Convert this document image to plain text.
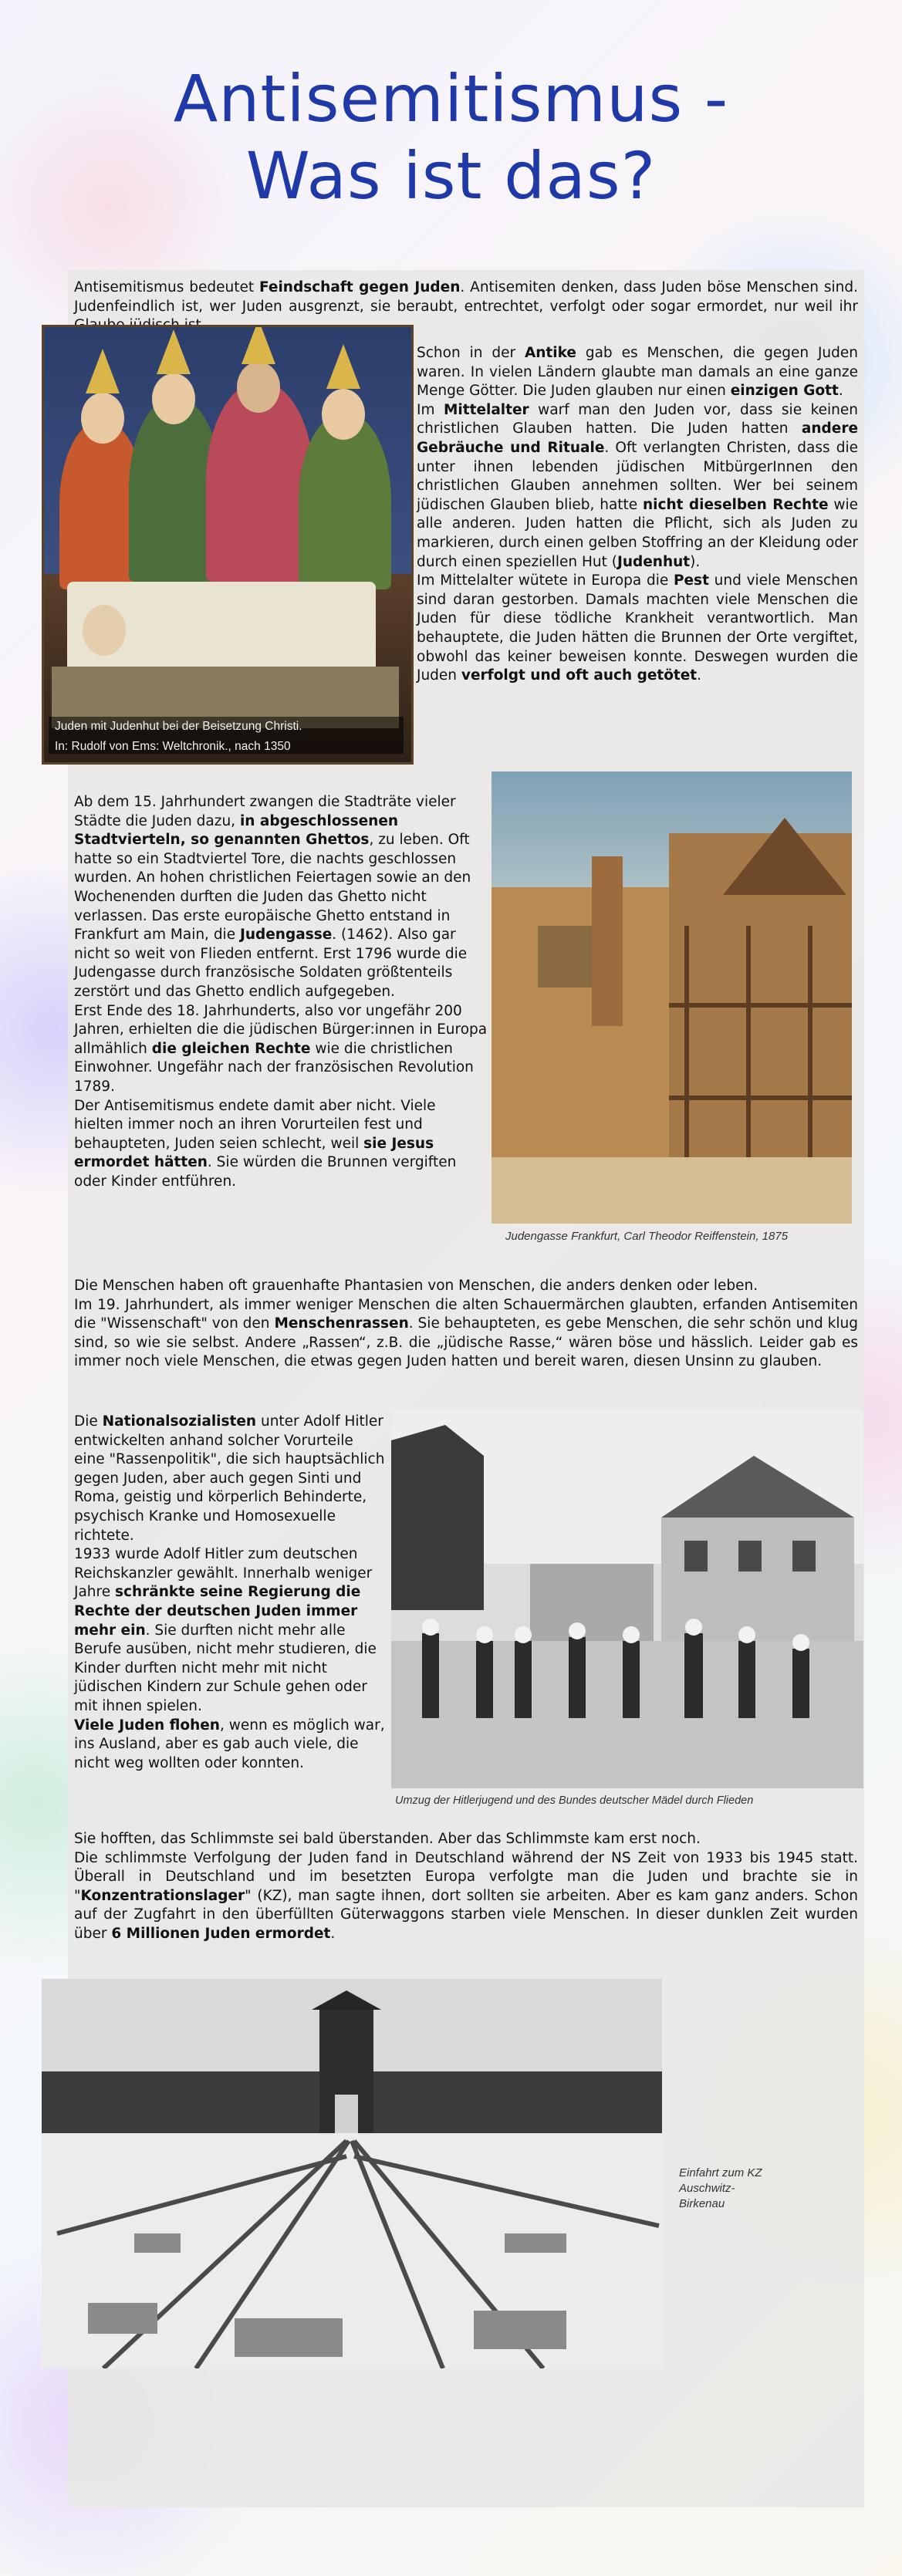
Antisemitismus -
Was ist das?

Antisemitismus bedeutet Feindschaft gegen Juden. Antisemiten denken, dass Juden böse Menschen sind. Judenfeindlich ist, wer Juden ausgrenzt, sie beraubt, entrechtet, verfolgt oder sogar ermordet, nur weil ihr

Juden mit Judenhut bei der Beisetzung Christi.
In: Rudolf von Ems: Weltchronik., nach 1350

Schon in der Antike gab es Menschen, die gegen Juden waren. In vielen Ländern glaubte man damals an eine ganze Menge Götter. Die Juden glauben nur einen einzigen Gott.

Im Mittelalter warf man den Juden vor, dass sie keinen christlichen Glauben hatten. Die Juden hatten andere Gebräuche und Rituale. Oft verlangten Christen, dass die unter ihnen lebenden jüdischen MitbürgerInnen den christlichen Glauben annehmen sollten. Wer bei seinem jüdischen Glauben blieb, hatte nicht dieselben Rechte wie alle anderen. Juden hatten die Pflicht, sich als Juden zu markieren, durch einen gelben Stoffring an der Kleidung oder durch einen speziellen Hut (Judenhut).

Im Mittelalter wütete in Europa die Pest und viele Menschen sind daran gestorben. Damals machten viele Menschen die Juden für diese tödliche Krankheit verantwortlich. Man behauptete, die Juden hätten die Brunnen der Orte vergiftet, obwohl das keiner beweisen konnte. Deswegen wurden die Juden verfolgt und oft auch getötet.

Judengasse Frankfurt, Carl Theodor Reiffenstein, 1875

Ab dem 15. Jahrhundert zwangen die Stadträte vieler Städte die Juden dazu, in abgeschlossenen Stadtvierteln, so genannten Ghettos, zu leben. Oft hatte so ein Stadtviertel Tore, die nachts geschlossen wurden. An hohen christlichen Feiertagen sowie an den Wochenenden durften die Juden das Ghetto nicht verlassen. Das erste europäische Ghetto entstand in Frankfurt am Main, die Judengasse. (1462). Also gar nicht so weit von Flieden entfernt. Erst 1796 wurde die Judengasse durch französische Soldaten größtenteils zerstört und das Ghetto endlich aufgegeben.

Erst Ende des 18. Jahrhunderts, also vor ungefähr 200 Jahren, erhielten die die jüdischen Bürger:innen in Europa allmählich die gleichen Rechte wie die christlichen Einwohner. Ungefähr nach der französischen Revolution 1789.

Der Antisemitismus endete damit aber nicht. Viele hielten immer noch an ihren Vorurteilen fest und behaupteten, Juden seien schlecht, weil sie Jesus ermordet hätten. Sie würden die Brunnen vergiften oder Kinder entführen.

Die Menschen haben oft grauenhafte Phantasien von Menschen, die anders denken oder leben.

Im 19. Jahrhundert, als immer weniger Menschen die alten Schauermärchen glaubten, erfanden Antisemiten die "Wissenschaft" von den Menschenrassen. Sie behaupteten, es gebe Menschen, die sehr schön und klug sind, so wie sie selbst. Andere „Rassen“, z.B. die „jüdische Rasse,“ wären böse und hässlich. Leider gab es immer noch viele Menschen, die etwas gegen Juden hatten und bereit waren, diesen Unsinn zu glauben.

Umzug der Hitlerjugend und des Bundes deutscher Mädel durch Flieden

Die Nationalsozialisten unter Adolf Hitler entwickelten anhand solcher Vorurteile eine "Rassenpolitik", die sich hauptsächlich gegen Juden, aber auch gegen Sinti und Roma, geistig und körperlich Behinderte, psychisch Kranke und Homosexuelle richtete.

1933 wurde Adolf Hitler zum deutschen Reichskanzler gewählt. Innerhalb weniger Jahre schränkte seine Regierung die Rechte der deutschen Juden immer mehr ein. Sie durften nicht mehr alle Berufe ausüben, nicht mehr studieren, die Kinder durften nicht mehr mit nicht jüdischen Kindern zur Schule gehen oder mit ihnen spielen.

Viele Juden flohen, wenn es möglich war, ins Ausland, aber es gab auch viele, die nicht weg wollten oder konnten.

Sie hofften, das Schlimmste sei bald überstanden. Aber das Schlimmste kam erst noch.

Die schlimmste Verfolgung der Juden fand in Deutschland während der NS Zeit von 1933 bis 1945 statt. Überall in Deutschland und im besetzten Europa verfolgte man die Juden und brachte sie in "Konzentrationslager" (KZ), man sagte ihnen, dort sollten sie arbeiten. Aber es kam ganz anders. Schon auf der Zugfahrt in den überfüllten Güterwaggons starben viele Menschen. In dieser dunklen Zeit wurden über 6 Millionen Juden ermordet.

Einfahrt zum KZ
Auschwitz-
Birkenau
